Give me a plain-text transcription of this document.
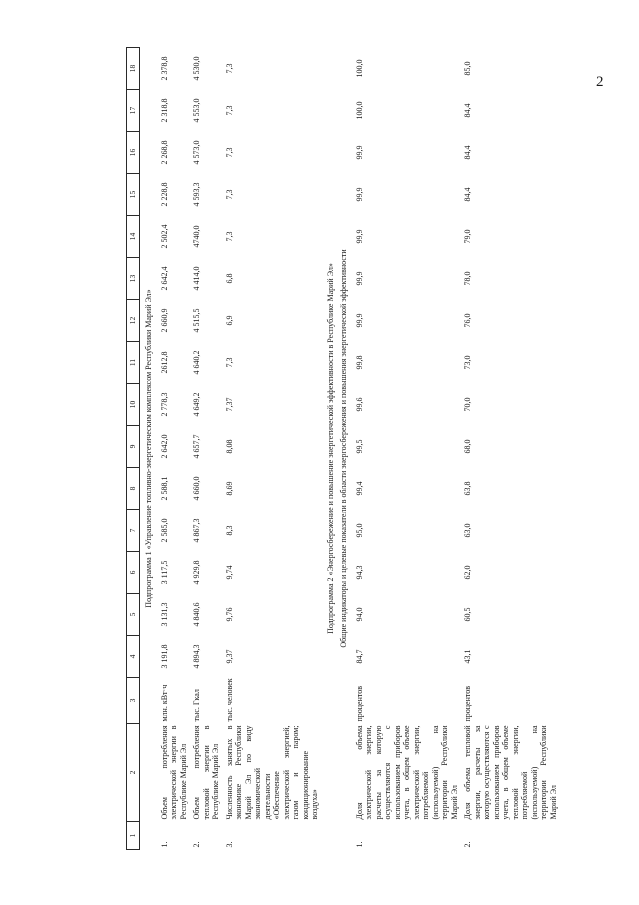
2
1	2	3	4	5	6	7	8	9	10	11	12	13	14	15	16	17	18

Подпрограмма 1 «Управление топливно-энергетическим комплексом Республики Марий Эл»																	

1.	Объем потребления электрической энергии в Республике Марий Эл	млн. кВт·ч	3 191,8	3 131,3	3 117,5	2 585,0	2 588,1	2 642,0	2 778,3	2612,8	2 660,9	2 642,4	2 502,4	2 228,8	2 268,8	2 318,8	2 378,8
2.	Объем потребления тепловой энергии в Республике Марий Эл	тыс. Гкал	4 894,3	4 840,6	4 929,8	4 867,3	4 660,0	4 657,7	4 649,2	4 640,2	4 515,5	4 414,0	4740,0	4 593,3	4 573,0	4 553,0	4 530,0
3.	Численность занятых в экономике Республики Марий Эл по виду экономической деятельности «Обеспечение электрической энергией, газом и паром; кондиционирование воздуха»	тыс. человек	9,37	9,76	9,74	8,3	8,69	8,08	7,37	7,3	6,9	6,8	7,3	7,3	7,3	7,3	7,3

Подпрограмма 2 «Энергосбережение и повышение энергетической эффективности в Республике Марий Эл» Общие индикаторы и целевые показатели в области энергосбережения и повышения энергетической эффективности																	

1.	Доля объема электрической энергии, расчеты за которую осуществляются с использованием приборов учета, в общем объеме электрической энергии, потребляемой (используемой) на территории Республики Марий Эл	процентов	84,7	94,0	94,3	95,0	99,4	99,5	99,6	99,8	99,9	99,9	99,9	99,9	99,9	100,0	100,0
2.	Доля объема тепловой энергии, расчеты за которую осуществляются с использованием приборов учета, в общем объеме тепловой энергии, потребляемой (используемой) на территории Республики Марий Эл	процентов	43,1	60,5	62,0	63,0	63,8	68,0	70,0	73,0	76,0	78,0	79,0	84,4	84,4	84,4	85,0
